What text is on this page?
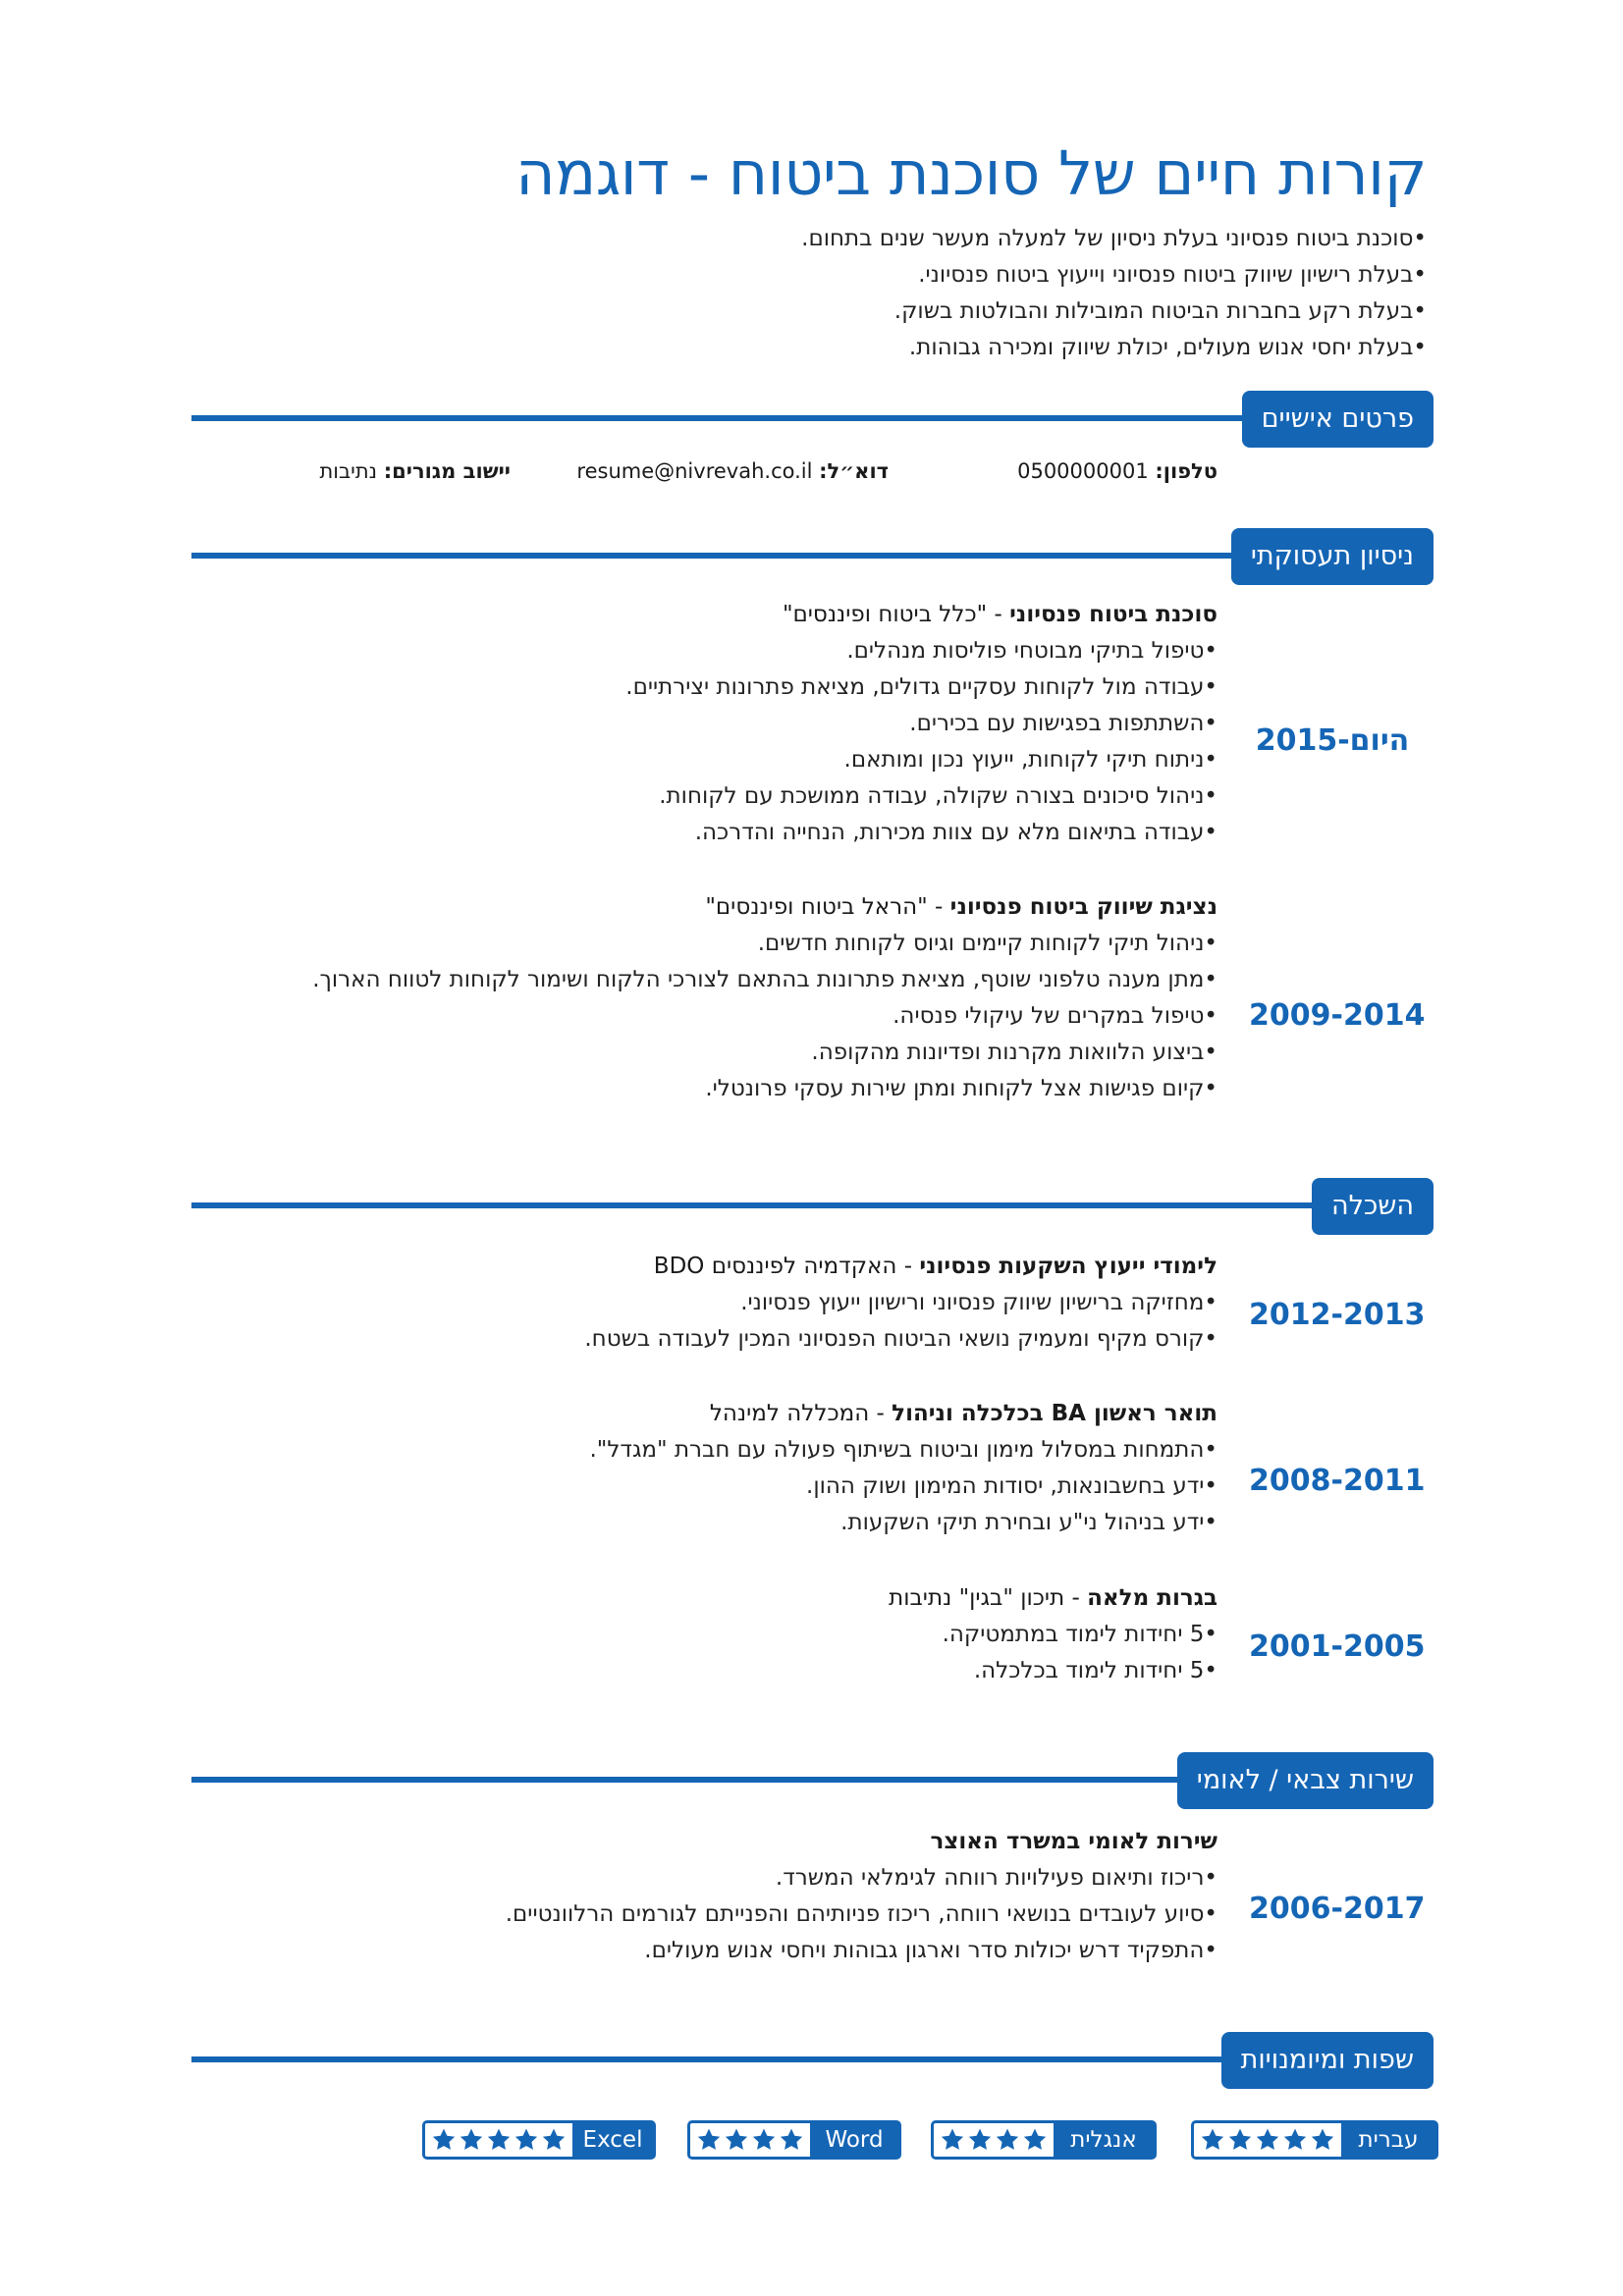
קורות חיים של סוכנת ביטוח - דוגמה
•סוכנת ביטוח פנסיוני בעלת ניסיון של למעלה מעשר שנים בתחום.
•בעלת רישיון שיווק ביטוח פנסיוני וייעוץ ביטוח פנסיוני.
•בעלת רקע בחברות הביטוח המובילות והבולטות בשוק.
•בעלת יחסי אנוש מעולים, יכולת שיווק ומכירה גבוהות.
פרטים אישיים
טלפון: 0500000001
דוא״ל: resume@nivrevah.co.il
יישוב מגורים: נתיבות
ניסיון תעסוקתי
2015-היום
סוכנת ביטוח פנסיוני - "כלל ביטוח ופיננסים"
•טיפול בתיקי מבוטחי פוליסות מנהלים.
•עבודה מול לקוחות עסקיים גדולים, מציאת פתרונות יצירתיים.
•השתתפות בפגישות עם בכירים.
•ניתוח תיקי לקוחות, ייעוץ נכון ומותאם.
•ניהול סיכונים בצורה שקולה, עבודה ממושכת עם לקוחות.
•עבודה בתיאום מלא עם צוות מכירות, הנחייה והדרכה.
2009-2014
נציגת שיווק ביטוח פנסיוני - "הראל ביטוח ופיננסים"
•ניהול תיקי לקוחות קיימים וגיוס לקוחות חדשים.
•מתן מענה טלפוני שוטף, מציאת פתרונות בהתאם לצורכי הלקוח ושימור לקוחות לטווח הארוך.
•טיפול במקרים של עיקולי פנסיה.
•ביצוע הלוואות מקרנות ופדיונות מהקופה.
•קיום פגישות אצל לקוחות ומתן שירות עסקי פרונטלי.
השכלה
2012-2013
לימודי ייעוץ השקעות פנסיוני - האקדמיה לפיננסים BDO
•מחזיקה ברישיון שיווק פנסיוני ורישיון ייעוץ פנסיוני.
•קורס מקיף ומעמיק נושאי הביטוח הפנסיוני המכין לעבודה בשטח.
2008-2011
תואר ראשון BA בכלכלה וניהול - המכללה למינהל
•התמחות במסלול מימון וביטוח בשיתוף פעולה עם חברת "מגדל".
•ידע בחשבונאות, יסודות המימון ושוק ההון.
•ידע בניהול ני"ע ובחירת תיקי השקעות.
2001-2005
בגרות מלאה - תיכון "בגין" נתיבות
•5 יחידות לימוד במתמטיקה.
•5 יחידות לימוד בכלכלה.
שירות צבאי / לאומי
2006-2017
שירות לאומי במשרד האוצר
•ריכוז ותיאום פעילויות רווחה לגימלאי המשרד.
•סיוע לעובדים בנושאי רווחה, ריכוז פניותיהם והפנייתם לגורמים הרלוונטיים.
•התפקיד דרש יכולות סדר וארגון גבוהות ויחסי אנוש מעולים.
שפות ומיומנויות
עברית
אנגלית
Word
Excel
